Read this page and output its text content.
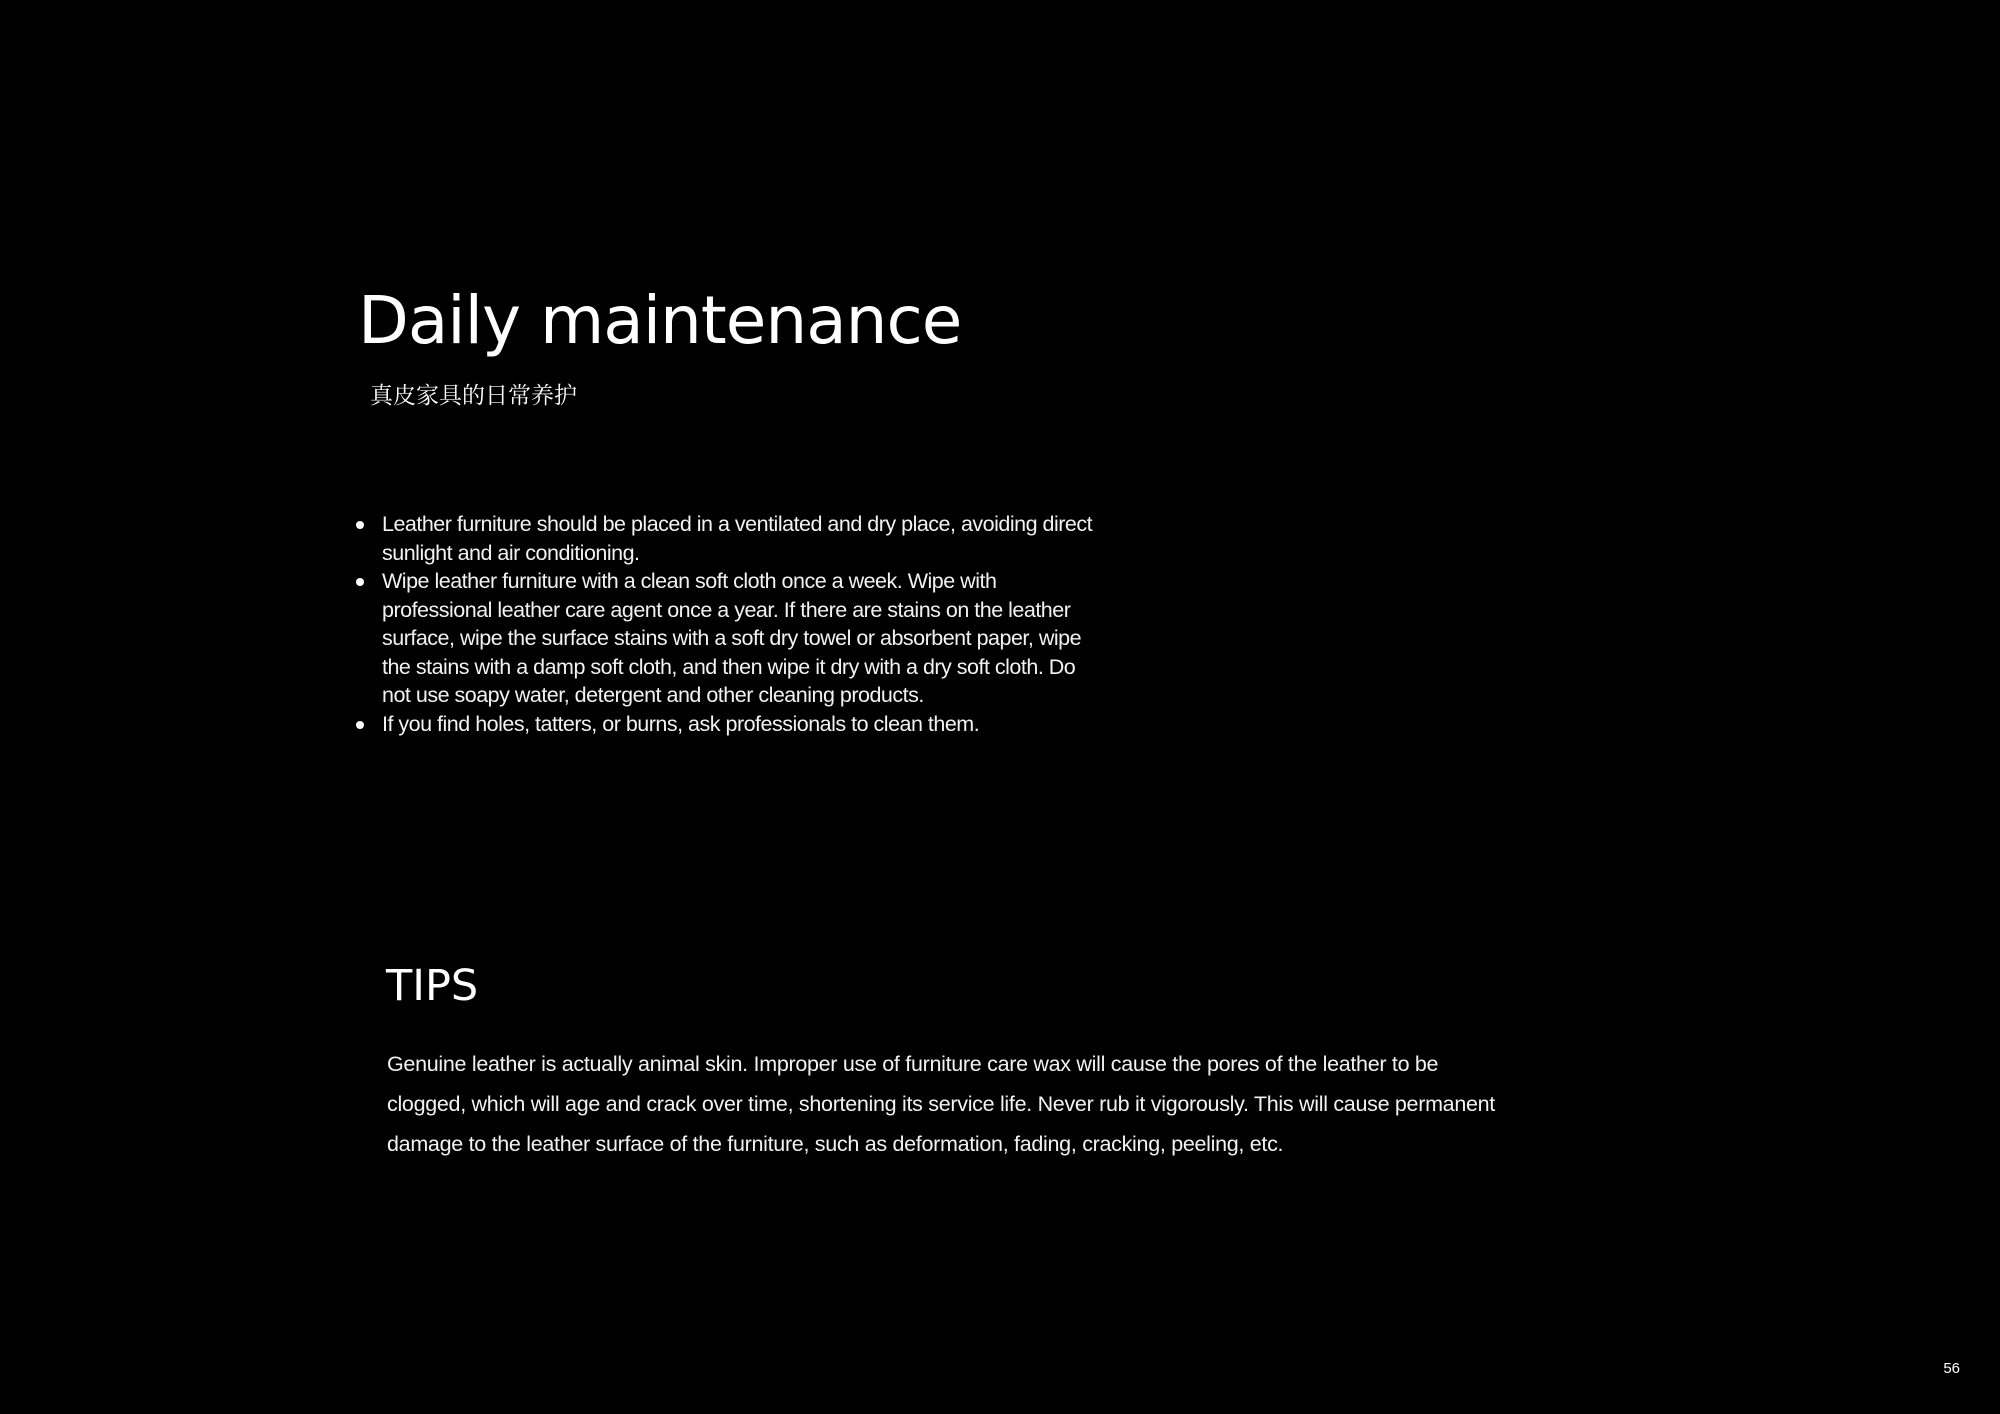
Daily maintenance
真皮家具的日常养护
Leather furniture should be placed in a ventilated and dry place, avoiding direct sunlight and air conditioning.
Wipe leather furniture with a clean soft cloth once a week. Wipe with professional leather care agent once a year. If there are stains on the leather surface, wipe the surface stains with a soft dry towel or absorbent paper, wipe the stains with a damp soft cloth, and then wipe it dry with a dry soft cloth. Do not use soapy water, detergent and other cleaning products.
If you find holes, tatters, or burns, ask professionals to clean them.
TIPS

Genuine leather is actually animal skin. Improper use of furniture care wax will cause the pores of the leather to be clogged, which will age and crack over time, shortening its service life. Never rub it vigorously. This will cause permanent damage to the leather surface of the furniture, such as deformation, fading, cracking, peeling, etc.

56
